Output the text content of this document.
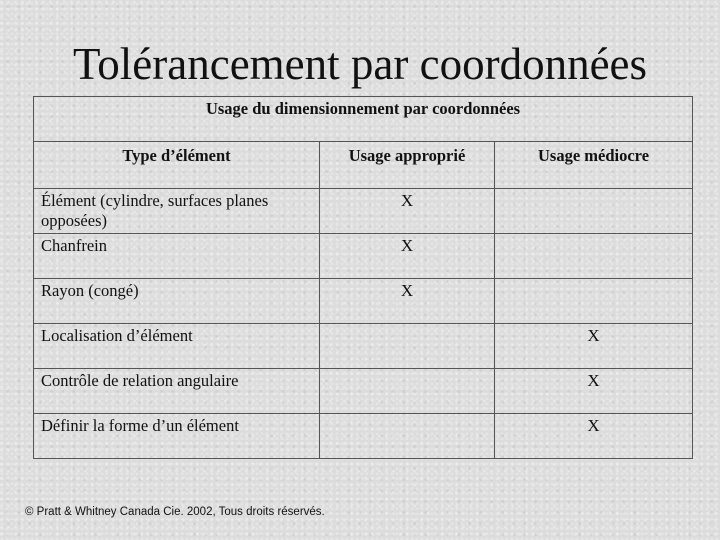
Tolérancement par coordonnées
Usage du dimensionnement par coordonnées		
Type d’élément	Usage approprié	Usage médiocre
Élément (cylindre, surfaces planes opposées)	X	
Chanfrein	X	
Rayon (congé)	X	
Localisation d’élément		X
Contrôle de relation angulaire		X
Définir la forme d’un élément		X
© Pratt & Whitney Canada Cie. 2002, Tous droits réservés.
